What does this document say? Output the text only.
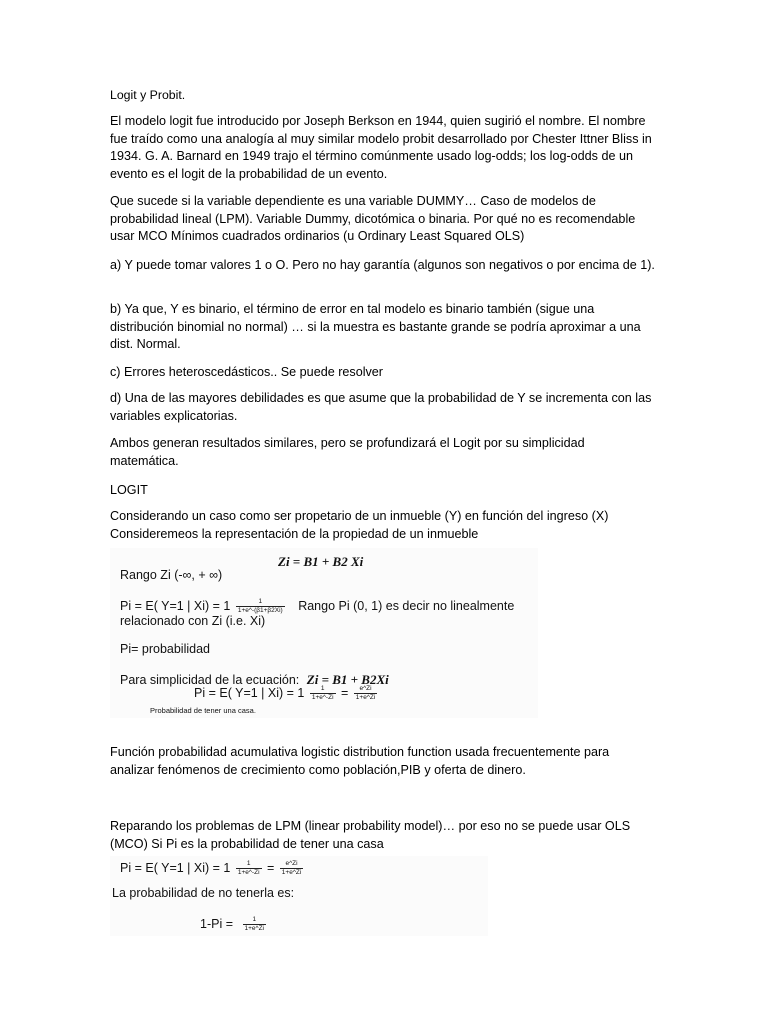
Logit y Probit.
El modelo logit fue introducido por Joseph Berkson en 1944, quien sugirió el nombre. El nombre fue traído como una analogía al muy similar modelo probit desarrollado por Chester Ittner Bliss in 1934. G. A. Barnard en 1949 trajo el término comúnmente usado log-odds; los log-odds de un evento es el logit de la probabilidad de un evento.
Que sucede si la variable dependiente es una variable DUMMY… Caso de modelos de probabilidad lineal (LPM). Variable Dummy, dicotómica o binaria. Por qué no es recomendable usar MCO Mínimos cuadrados ordinarios (u Ordinary Least Squared OLS)
a) Y puede tomar valores 1 o O. Pero no hay garantía (algunos son negativos o por encima de 1).
b) Ya que, Y es binario, el término de error en tal modelo es binario también (sigue una distribución binomial no normal) … si la muestra es bastante grande se podría aproximar a una dist. Normal.
c) Errores heteroscedásticos.. Se puede resolver
d) Una de las mayores debilidades es que asume que la probabilidad de Y se incrementa con las variables explicatorias.
Ambos generan resultados similares, pero se profundizará el Logit por su simplicidad matemática.
LOGIT
Considerando un caso como ser propetario de un inmueble (Y) en función del ingreso (X) Consideremeos la representación de la propiedad de un inmueble
Zi = B1 + B2 Xi
Rango Zi (-∞, + ∞)
Pi = E( Y=1 | $Xi) = 1 \frac{1}{1+e\^{}-(\beta 1+\beta 2Xi)}$ Rango Pi (0, 1) es decir no linealmente
relacionado con Zi (i.e. Xi)
Pi= probabilidad
Para simplicidad de la ecuación: Zi = B1 + B2Xi
Pi = E( Y=1 | $Xi) = 1 \frac{1}{1+e\^{}-Zi} = \frac{e\^{}Zi}{1+e\^{}Zi}$
Probabilidad de tener una casa.
Función probabilidad acumulativa logistic distribution function usada frecuentemente para analizar fenómenos de crecimiento como población,PIB y oferta de dinero.
Reparando los problemas de LPM (linear probability model)… por eso no se puede usar OLS (MCO) Si Pi es la probabilidad de tener una casa
Pi = E( Y=1 | $Xi) = 1 \frac{1}{1+e\^{}-Zi} = \frac{e\^{}Zi}{1+e\^{}Zi}$
La probabilidad de no tenerla es:
$1-Pi = \frac{1}{1+e\^{}Zi}$
